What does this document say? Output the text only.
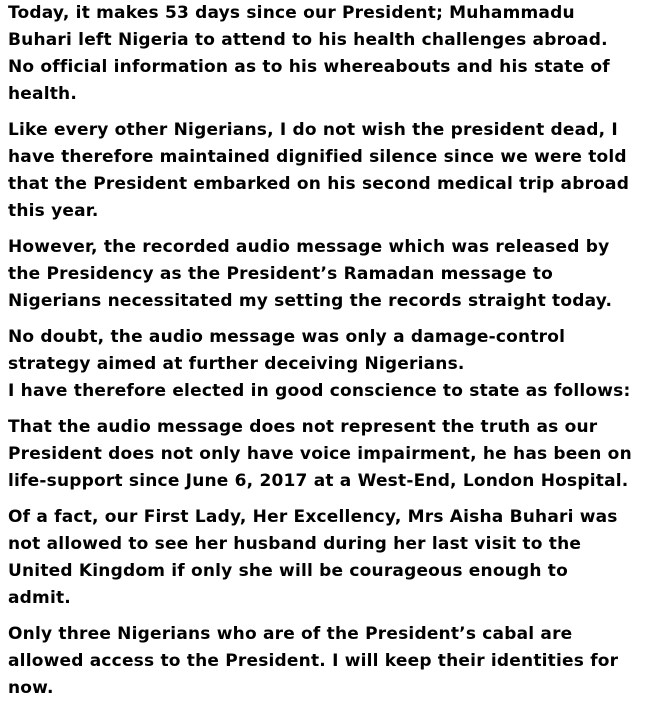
Today, it makes 53 days since our President; Muhammadu
Buhari left Nigeria to attend to his health challenges abroad.
No official information as to his whereabouts and his state of
health.

Like every other Nigerians, I do not wish the president dead, I
have therefore maintained dignified silence since we were told
that the President embarked on his second medical trip abroad
this year.

However, the recorded audio message which was released by
the Presidency as the President’s Ramadan message to
Nigerians necessitated my setting the records straight today.

No doubt, the audio message was only a damage-control
strategy aimed at further deceiving Nigerians.
I have therefore elected in good conscience to state as follows:

That the audio message does not represent the truth as our
President does not only have voice impairment, he has been on
life-support since June 6, 2017 at a West-End, London Hospital.

Of a fact, our First Lady, Her Excellency, Mrs Aisha Buhari was
not allowed to see her husband during her last visit to the
United Kingdom if only she will be courageous enough to
admit.

Only three Nigerians who are of the President’s cabal are
allowed access to the President. I will keep their identities for
now.
